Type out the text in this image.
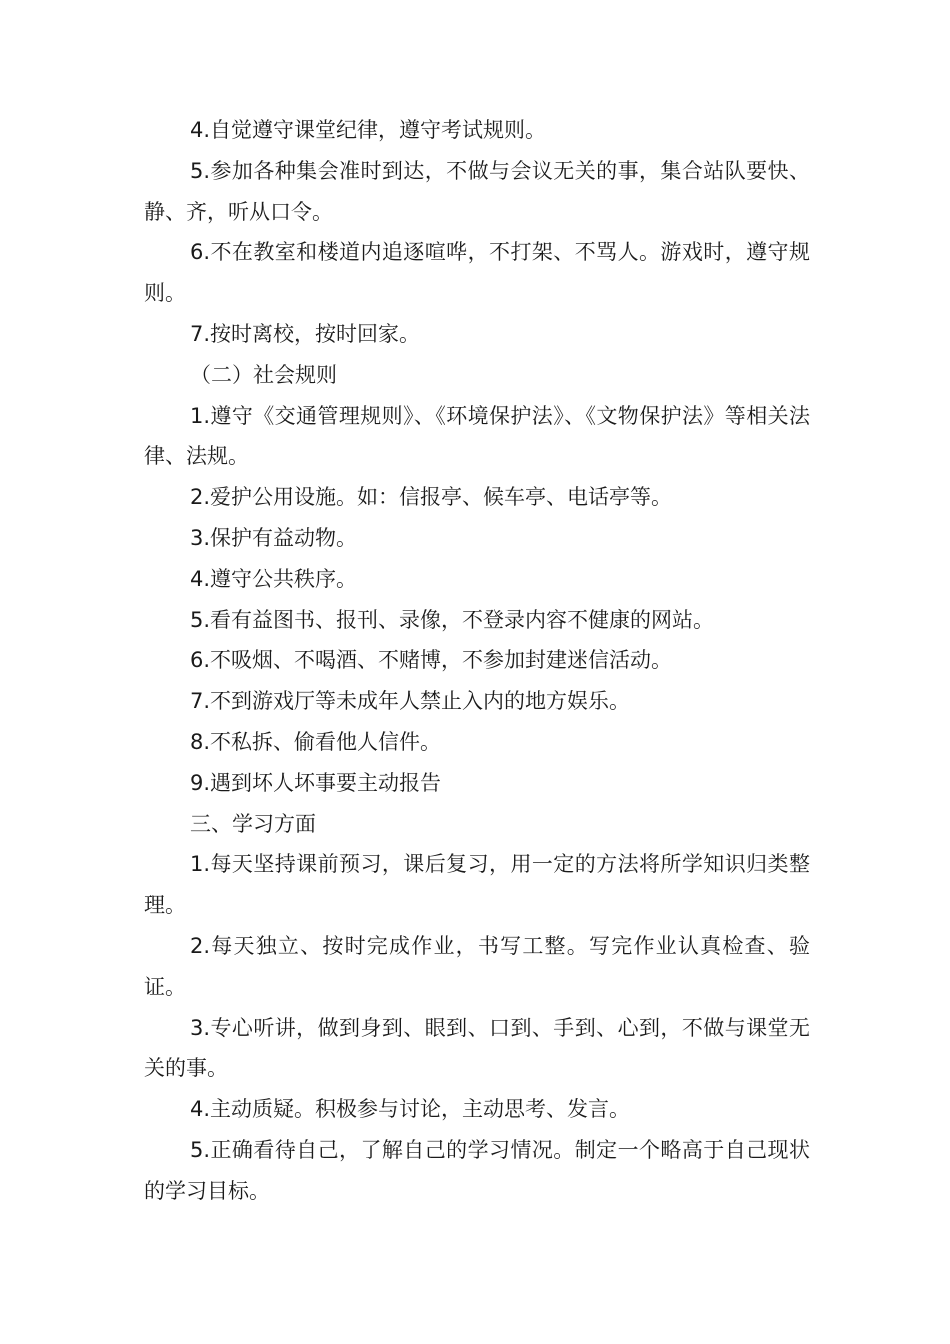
4.自觉遵守课堂纪律，遵守考试规则。

5.参加各种集会准时到达，不做与会议无关的事，集合站队要快、静、齐，听从口令。

6.不在教室和楼道内追逐喧哗，不打架、不骂人。游戏时，遵守规则。

7.按时离校，按时回家。

（二）社会规则

1.遵守《交通管理规则》、《环境保护法》、《文物保护法》等相关法律、法规。

2.爱护公用设施。如：信报亭、候车亭、电话亭等。

3.保护有益动物。

4.遵守公共秩序。

5.看有益图书、报刊、录像，不登录内容不健康的网站。

6.不吸烟、不喝酒、不赌博，不参加封建迷信活动。

7.不到游戏厅等未成年人禁止入内的地方娱乐。

8.不私拆、偷看他人信件。

9.遇到坏人坏事要主动报告

三、学习方面

1.每天坚持课前预习，课后复习，用一定的方法将所学知识归类整理。

2.每天独立、按时完成作业，书写工整。写完作业认真检查、验证。

3.专心听讲，做到身到、眼到、口到、手到、心到，不做与课堂无关的事。

4.主动质疑。积极参与讨论，主动思考、发言。

5.正确看待自己，了解自己的学习情况。制定一个略高于自己现状的学习目标。
